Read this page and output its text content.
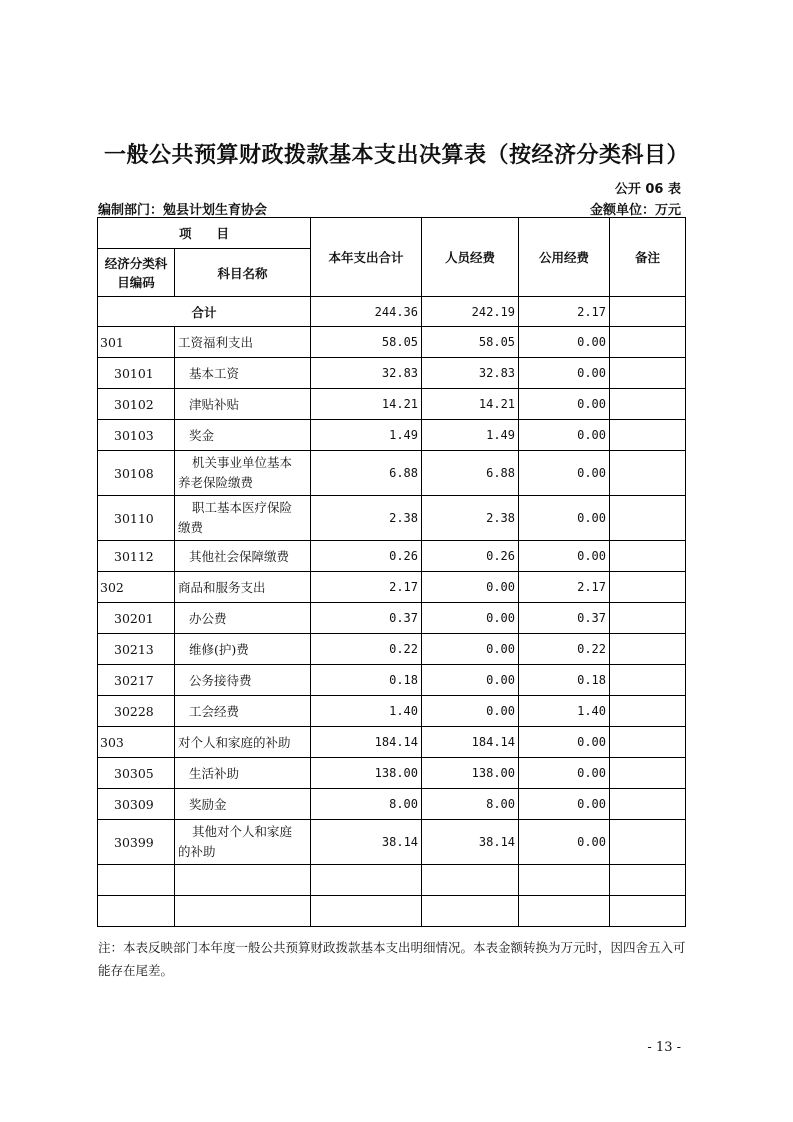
一般公共预算财政拨款基本支出决算表（按经济分类科目）
公开 06 表
编制部门：勉县计划生育协会	金额单位：万元
项　　目		本年支出合计	人员经费	公用经费	备注
经济分类科目编码	科目名称				
合计		244.36	242.19	2.17	
301	工资福利支出	58.05	58.05	0.00	
30101	基本工资	32.83	32.83	0.00	
30102	津贴补贴	14.21	14.21	0.00	
30103	奖金	1.49	1.49	0.00	
30108	机关事业单位基本
养老保险缴费	6.88	6.88	0.00	
30110	职工基本医疗保险
缴费	2.38	2.38	0.00	
30112	其他社会保障缴费	0.26	0.26	0.00	
302	商品和服务支出	2.17	0.00	2.17	
30201	办公费	0.37	0.00	0.37	
30213	维修(护)费	0.22	0.00	0.22	
30217	公务接待费	0.18	0.00	0.18	
30228	工会经费	1.40	0.00	1.40	
303	对个人和家庭的补助	184.14	184.14	0.00	
30305	生活补助	138.00	138.00	0.00	
30309	奖励金	8.00	8.00	0.00	
30399	其他对个人和家庭
的补助	38.14	38.14	0.00	

注：本表反映部门本年度一般公共预算财政拨款基本支出明细情况。本表金额转换为万元时，因四舍五入可能存在尾差。
- 13 -
